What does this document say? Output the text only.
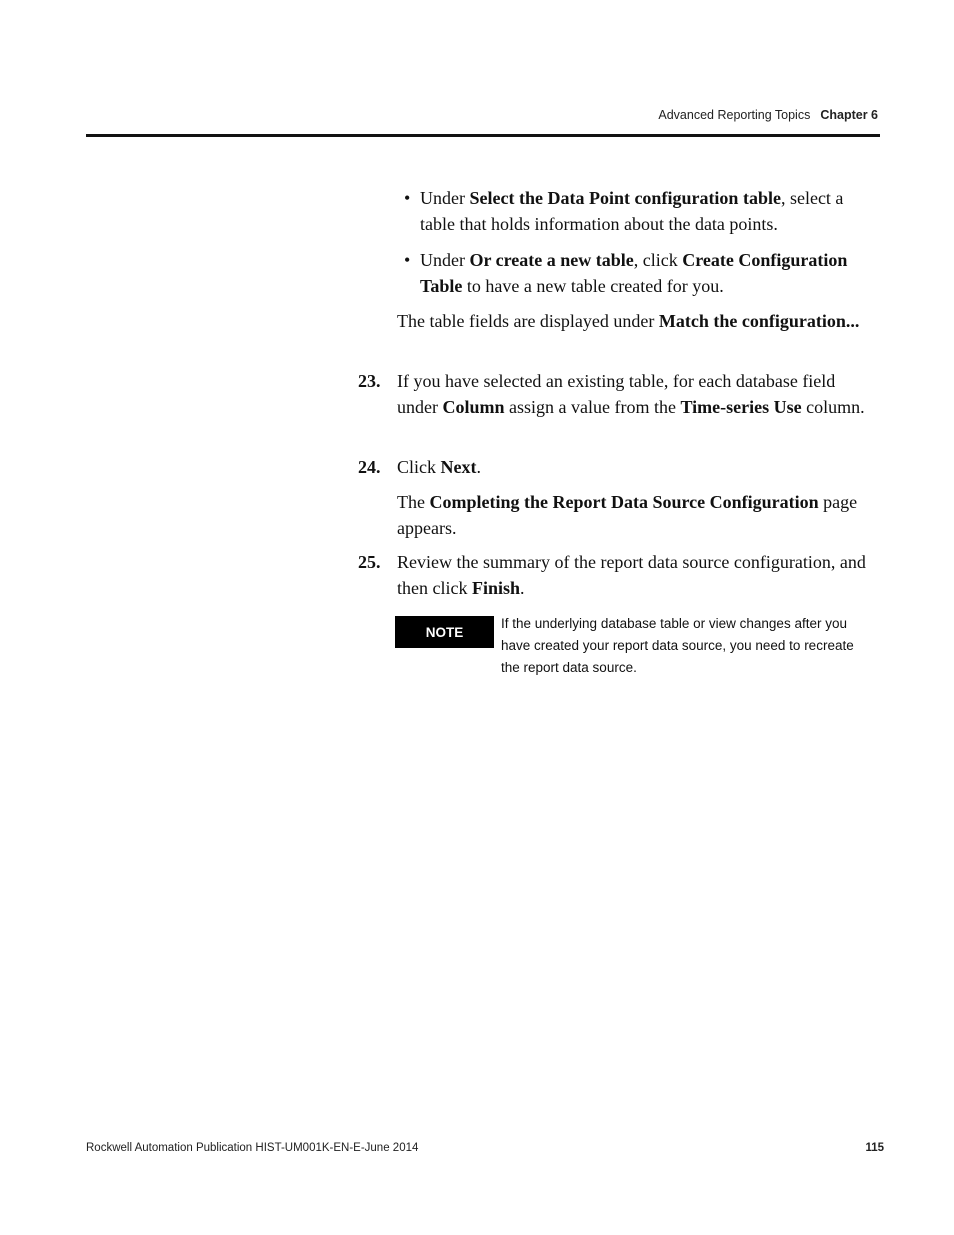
Advanced Reporting Topics Chapter 6
• Under Select the Data Point configuration table, select a table that holds information about the data points.
• Under Or create a new table, click Create Configuration Table to have a new table created for you.
The table fields are displayed under Match the configuration...
23. If you have selected an existing table, for each database field under Column assign a value from the Time-series Use column.
24. Click Next.
The Completing the Report Data Source Configuration page appears.
25. Review the summary of the report data source configuration, and then click Finish.
NOTE
If the underlying database table or view changes after you have created your report data source, you need to recreate the report data source.
Rockwell Automation Publication HIST-UM001K-EN-E-June 2014	115
